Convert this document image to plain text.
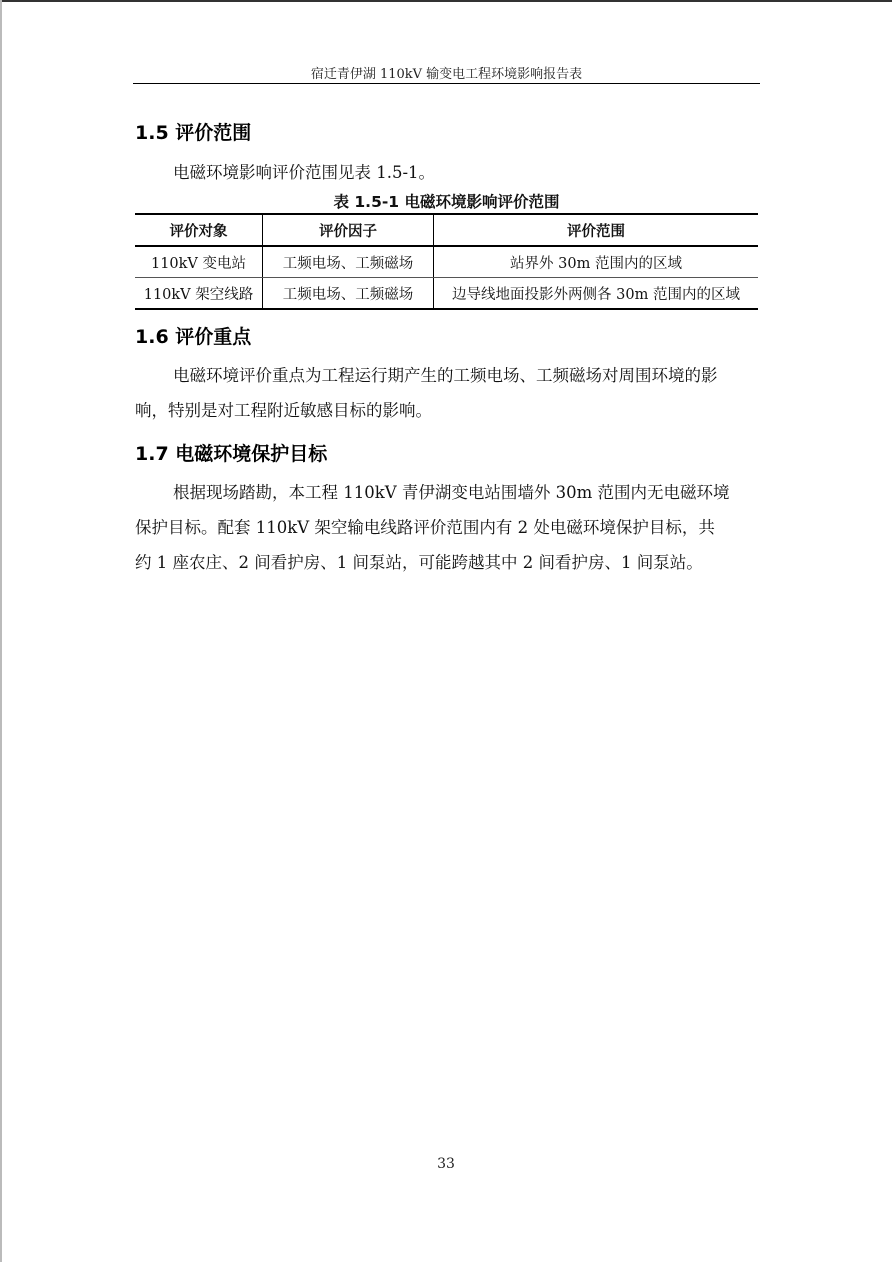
宿迁青伊湖 110kV 输变电工程环境影响报告表
1.5 评价范围
电磁环境影响评价范围见表 1.5-1。
表 1.5-1 电磁环境影响评价范围
评价对象	评价因子	评价范围
110kV 变电站	工频电场、工频磁场	站界外 30m 范围内的区域
110kV 架空线路	工频电场、工频磁场	边导线地面投影外两侧各 30m 范围内的区域
1.6 评价重点
电磁环境评价重点为工程运行期产生的工频电场、工频磁场对周围环境的影
响，特别是对工程附近敏感目标的影响。
1.7 电磁环境保护目标
根据现场踏勘，本工程 110kV 青伊湖变电站围墙外 30m 范围内无电磁环境
保护目标。配套 110kV 架空输电线路评价范围内有 2 处电磁环境保护目标，共
约 1 座农庄、2 间看护房、1 间泵站，可能跨越其中 2 间看护房、1 间泵站。
33
